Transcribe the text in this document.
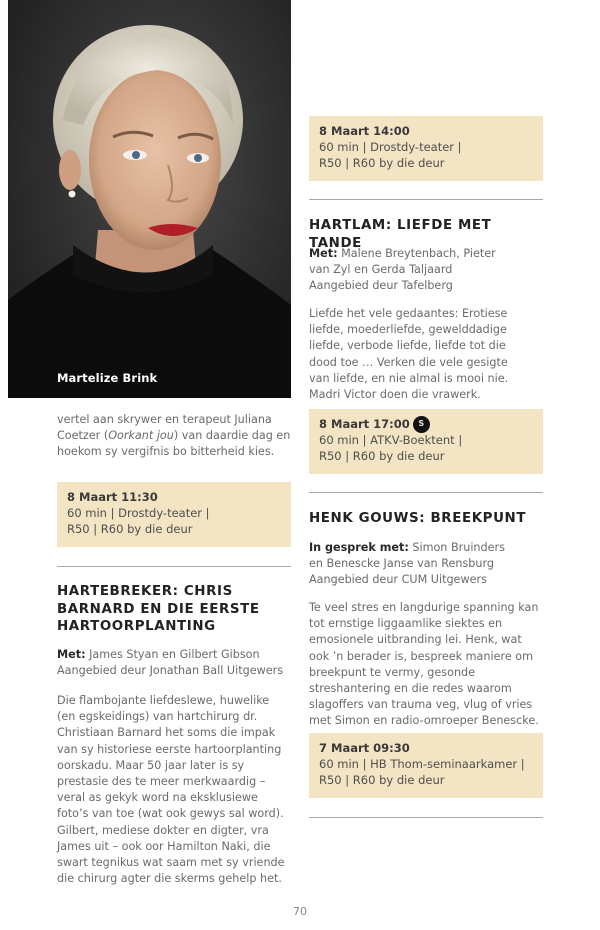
Martelize Brink
vertel aan skrywer en terapeut Juliana Coetzer (Oorkant jou) van daardie dag en hoekom sy vergifnis bo bitterheid kies.
8 Maart 11:30
60 min | Drostdy-teater |
R50 | R60 by die deur
HARTEBREKER: CHRIS BARNARD EN DIE EERSTE HARTOORPLANTING
Met: James Styan en Gilbert Gibson
Aangebied deur Jonathan Ball Uitgewers
Die flambojante liefdeslewe, huwelike (en egskeidings) van hartchirurg dr. Christiaan Barnard het soms die impak van sy historiese eerste hartoorplanting oorskadu. Maar 50 jaar later is sy prestasie des te meer merkwaardig – veral as gekyk word na eksklusiewe foto’s van toe (wat ook gewys sal word). Gilbert, mediese dokter en digter, vra James uit – ook oor Hamilton Naki, die swart tegnikus wat saam met sy vriende die chirurg agter die skerms gehelp het.
8 Maart 14:00
60 min | Drostdy-teater |
R50 | R60 by die deur
HARTLAM: LIEFDE MET TANDE
Met: Malene Breytenbach, Pieter van Zyl en Gerda Taljaard
Aangebied deur Tafelberg
Liefde het vele gedaantes: Erotiese liefde, moederliefde, gewelddadige liefde, verbode liefde, liefde tot die dood toe … Verken die vele gesigte van liefde, en nie almal is mooi nie. Madri Victor doen die vrawerk.
8 Maart 17:00	S
60 min | ATKV-Boektent |
R50 | R60 by die deur
HENK GOUWS: BREEKPUNT
In gesprek met: Simon Bruinders en Benescke Janse van Rensburg
Aangebied deur CUM Uitgewers
Te veel stres en langdurige spanning kan tot ernstige liggaamlike siektes en emosionele uitbranding lei. Henk, wat ook ’n berader is, bespreek maniere om breekpunt te vermy, gesonde streshantering en die redes waarom slagoffers van trauma veg, vlug of vries met Simon en radio-omroeper Benescke.
7 Maart 09:30
60 min | HB Thom-seminaarkamer |
R50 | R60 by die deur
70
